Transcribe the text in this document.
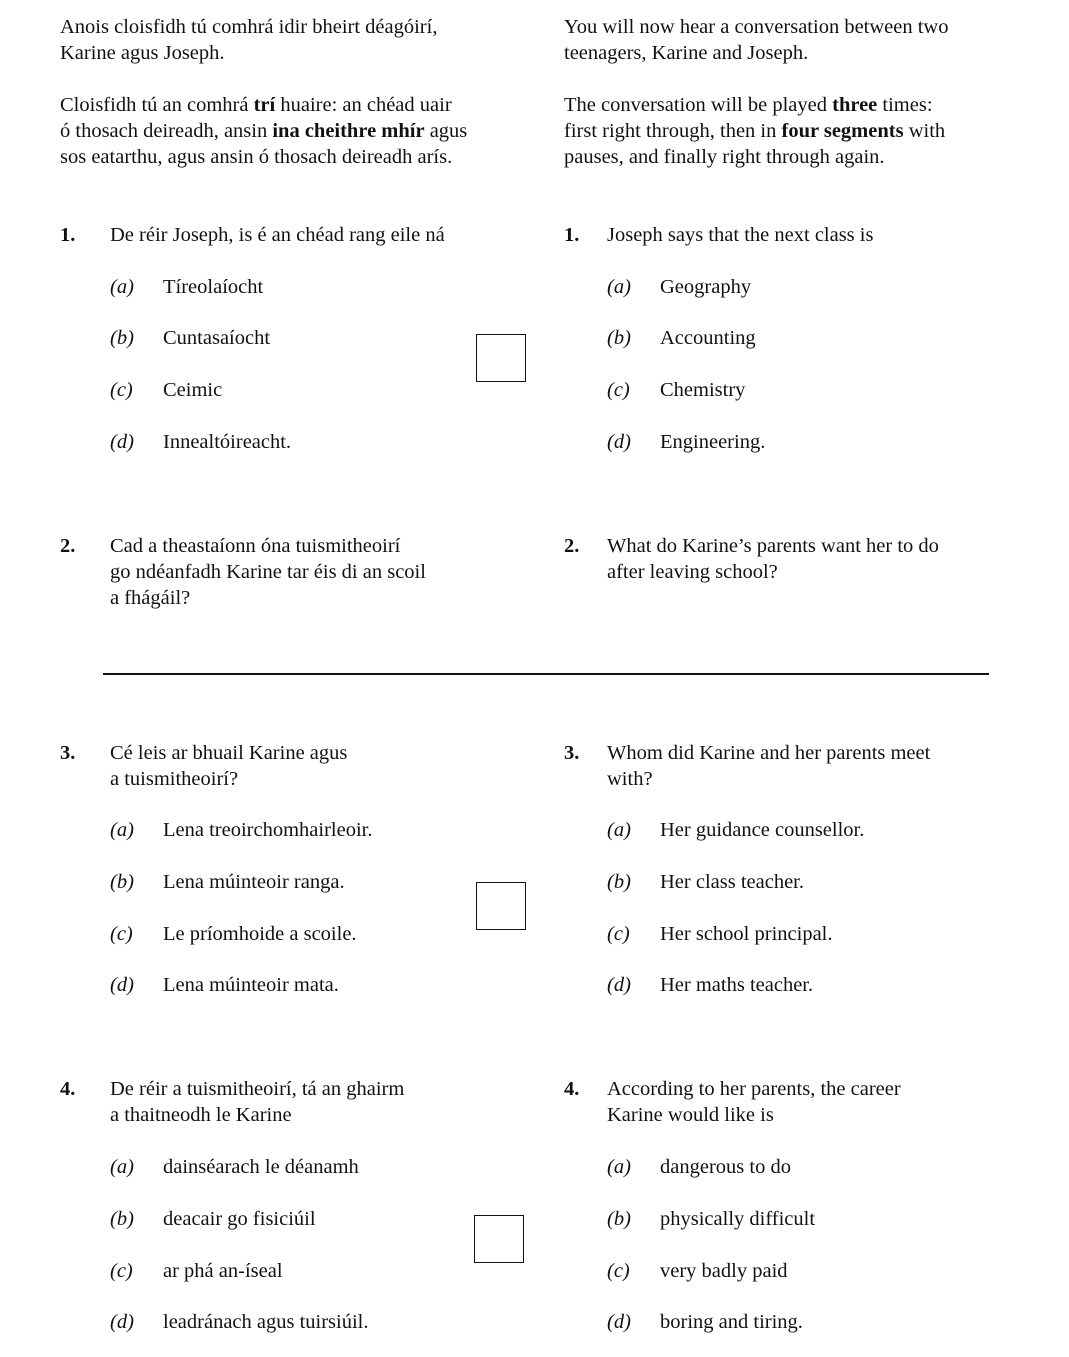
Anois cloisfidh tú comhrá idir bheirt déagóirí,
Karine agus Joseph.
Cloisfidh tú an comhrá trí huaire: an chéad uair
ó thosach deireadh, ansin ina cheithre mhír agus
sos eatarthu, agus ansin ó thosach deireadh arís.
You will now hear a conversation between two
teenagers, Karine and Joseph.
The conversation will be played three times:
first right through, then in four segments with
pauses, and finally right through again.
1. De réir Joseph, is é an chéad rang eile ná	1. Joseph says that the next class is
(a) Tíreolaíocht	(a) Geography
(b) Cuntasaíocht	(b) Accounting
(c) Ceimic	(c) Chemistry
(d) Innealtóireacht.	(d) Engineering.
2. Cad a theastaíonn óna tuismitheoirí
go ndéanfadh Karine tar éis di an scoil
a fhágáil?
2. What do Karine’s parents want her to do
after leaving school?
3. Cé leis ar bhuail Karine agus
a tuismitheoirí?
3. Whom did Karine and her parents meet
with?
(a) Lena treoirchomhairleoir.	(a) Her guidance counsellor.
(b) Lena múinteoir ranga.	(b) Her class teacher.
(c) Le príomhoide a scoile.	(c) Her school principal.
(d) Lena múinteoir mata.	(d) Her maths teacher.
4. De réir a tuismitheoirí, tá an ghairm
a thaitneodh le Karine
4. According to her parents, the career
Karine would like is
(a) dainséarach le déanamh	(a) dangerous to do
(b) deacair go fisiciúil	(b) physically difficult
(c) ar phá an-íseal	(c) very badly paid
(d) leadránach agus tuirsiúil.	(d) boring and tiring.
